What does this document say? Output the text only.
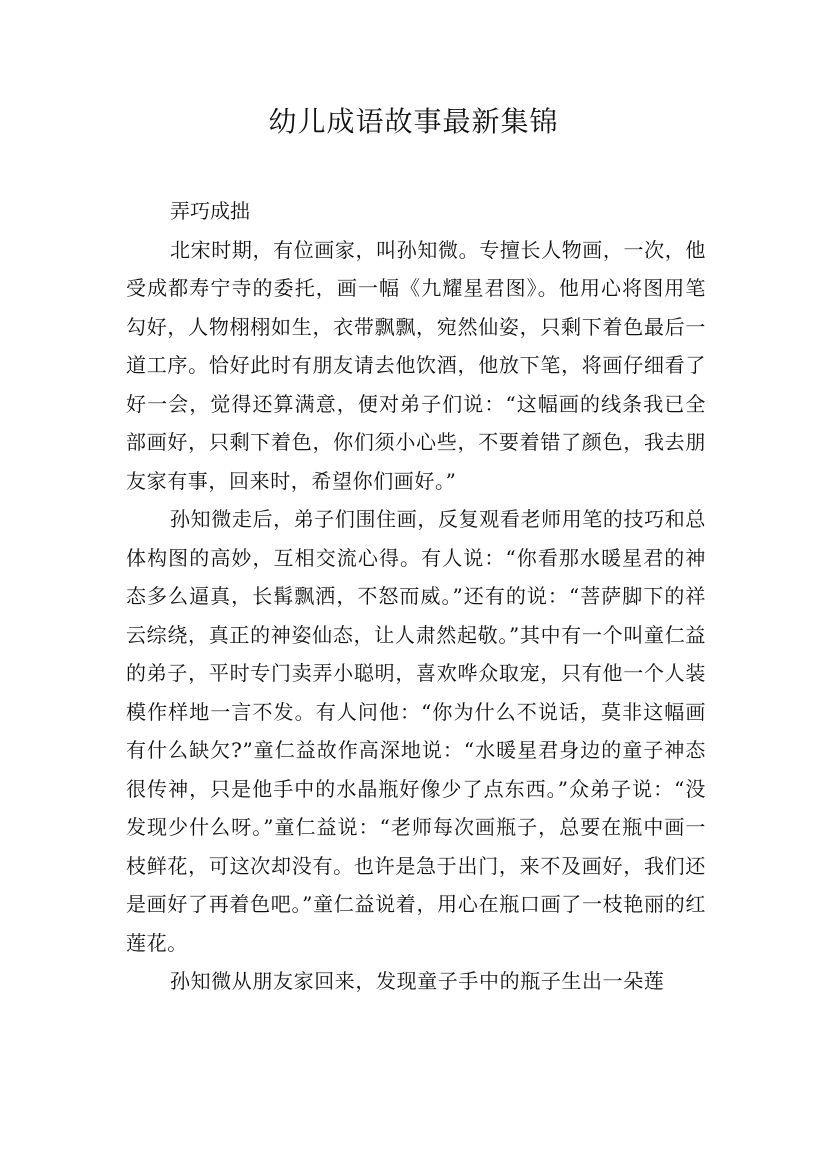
幼儿成语故事最新集锦

弄巧成拙

北宋时期，有位画家，叫孙知微。专擅长人物画，一次，他受成都寿宁寺的委托，画一幅《九耀星君图》。他用心将图用笔勾好，人物栩栩如生，衣带飘飘，宛然仙姿，只剩下着色最后一道工序。恰好此时有朋友请去他饮酒，他放下笔，将画仔细看了好一会，觉得还算满意，便对弟子们说：“这幅画的线条我已全部画好，只剩下着色，你们须小心些，不要着错了颜色，我去朋友家有事，回来时，希望你们画好。”

孙知微走后，弟子们围住画，反复观看老师用笔的技巧和总体构图的高妙，互相交流心得。有人说：“你看那水暖星君的神态多么逼真，长髯飘洒，不怒而威。”还有的说：“菩萨脚下的祥云综绕，真正的神姿仙态，让人肃然起敬。”其中有一个叫童仁益的弟子，平时专门卖弄小聪明，喜欢哗众取宠，只有他一个人装模作样地一言不发。有人问他：“你为什么不说话，莫非这幅画有什么缺欠?”童仁益故作高深地说：“水暖星君身边的童子神态很传神，只是他手中的水晶瓶好像少了点东西。”众弟子说：“没发现少什么呀。”童仁益说：“老师每次画瓶子，总要在瓶中画一枝鲜花，可这次却没有。也许是急于出门，来不及画好，我们还是画好了再着色吧。”童仁益说着，用心在瓶口画了一枝艳丽的红莲花。

孙知微从朋友家回来，发现童子手中的瓶子生出一朵莲
